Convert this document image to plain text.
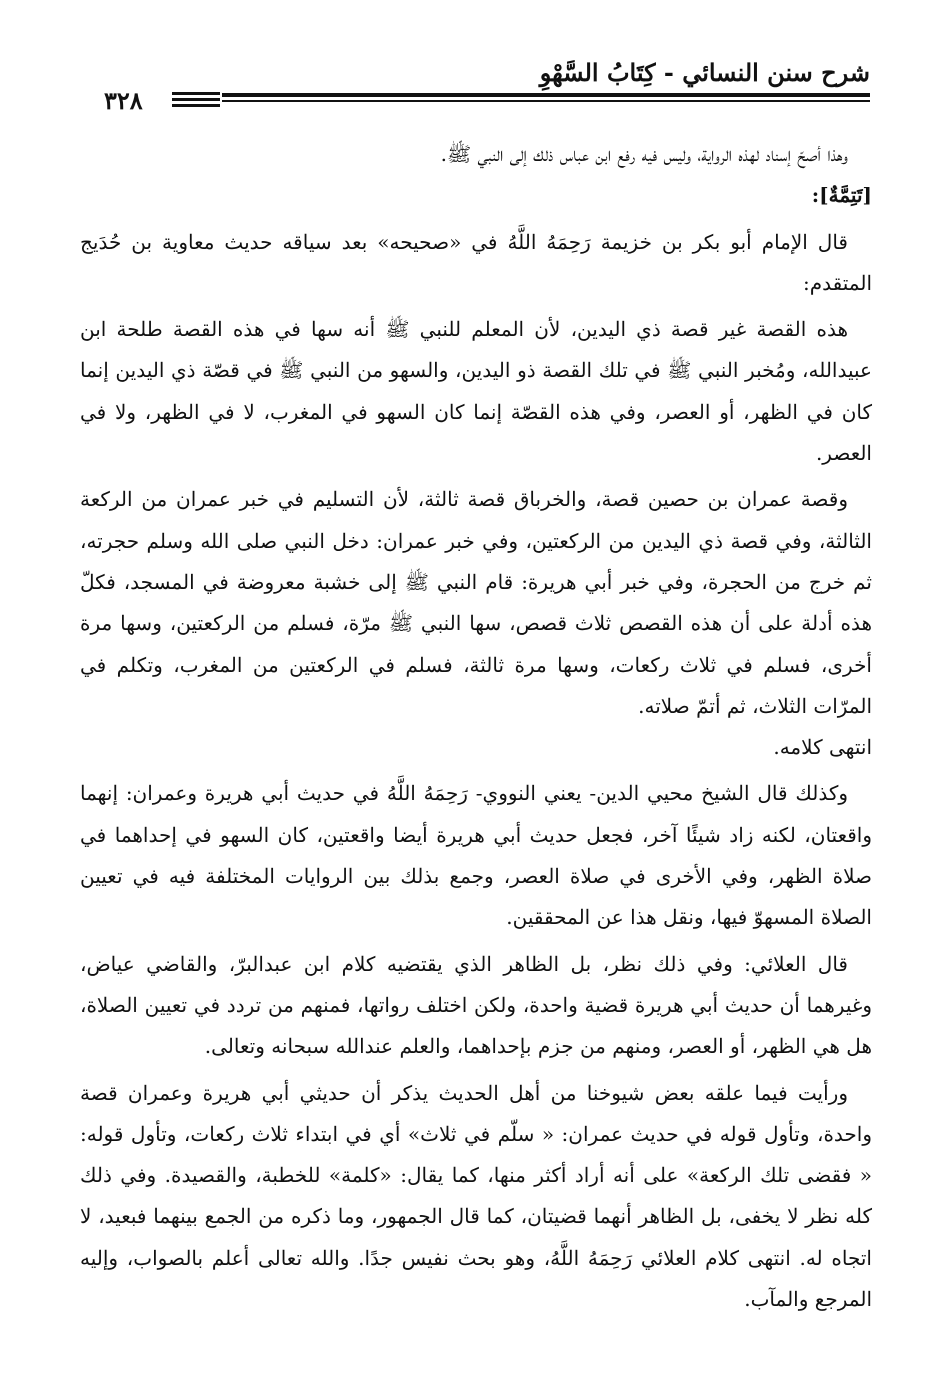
شرح سنن النسائي - كِتَابُ السَّهْوِ
٣٢٨

وهذا أصحّ إسناد لهذه الرواية، وليس فيه رفع ابن عباس ذلك إلى النبي ﷺ.

[تَتِمَّةٌ]:

قال الإمام أبو بكر بن خزيمة رَحِمَهُ اللَّهُ في «صحيحه» بعد سياقه حديث معاوية بن حُدَيج المتقدم:

هذه القصة غير قصة ذي اليدين، لأن المعلم للنبي ﷺ أنه سها في هذه القصة طلحة ابن عبيدالله، ومُخبر النبي ﷺ في تلك القصة ذو اليدين، والسهو من النبي ﷺ في قصّة ذي اليدين إنما كان في الظهر، أو العصر، وفي هذه القصّة إنما كان السهو في المغرب، لا في الظهر، ولا في العصر.

وقصة عمران بن حصين قصة، والخرباق قصة ثالثة، لأن التسليم في خبر عمران من الركعة الثالثة، وفي قصة ذي اليدين من الركعتين، وفي خبر عمران: دخل النبي صلى الله وسلم حجرته، ثم خرج من الحجرة، وفي خبر أبي هريرة: قام النبي ﷺ إلى خشبة معروضة في المسجد، فكلّ هذه أدلة على أن هذه القصص ثلاث قصص، سها النبي ﷺ مرّة، فسلم من الركعتين، وسها مرة أخرى، فسلم في ثلاث ركعات، وسها مرة ثالثة، فسلم في الركعتين من المغرب، وتكلم في المرّات الثلاث، ثم أتمّ صلاته.

انتهى كلامه.

وكذلك قال الشيخ محيي الدين- يعني النووي- رَحِمَهُ اللَّهُ في حديث أبي هريرة وعمران: إنهما واقعتان، لكنه زاد شيئًا آخر، فجعل حديث أبي هريرة أيضا واقعتين، كان السهو في إحداهما في صلاة الظهر، وفي الأخرى في صلاة العصر، وجمع بذلك بين الروايات المختلفة فيه في تعيين الصلاة المسهوّ فيها، ونقل هذا عن المحققين.

قال العلائي: وفي ذلك نظر، بل الظاهر الذي يقتضيه كلام ابن عبدالبرّ، والقاضي عياض، وغيرهما أن حديث أبي هريرة قضية واحدة، ولكن اختلف رواتها، فمنهم من تردد في تعيين الصلاة، هل هي الظهر، أو العصر، ومنهم من جزم بإحداهما، والعلم عندالله سبحانه وتعالى.

ورأيت فيما علقه بعض شيوخنا من أهل الحديث يذكر أن حديثي أبي هريرة وعمران قصة واحدة، وتأول قوله في حديث عمران: « سلّم في ثلاث» أي في ابتداء ثلاث ركعات، وتأول قوله: « فقضى تلك الركعة» على أنه أراد أكثر منها، كما يقال: «كلمة» للخطبة، والقصيدة. وفي ذلك كله نظر لا يخفى، بل الظاهر أنهما قضيتان، كما قال الجمهور، وما ذكره من الجمع بينهما فبعيد، لا اتجاه له. انتهى كلام العلائي رَحِمَهُ اللَّهُ، وهو بحث نفيس جدًا. والله تعالى أعلم بالصواب، وإليه المرجع والمآب.
